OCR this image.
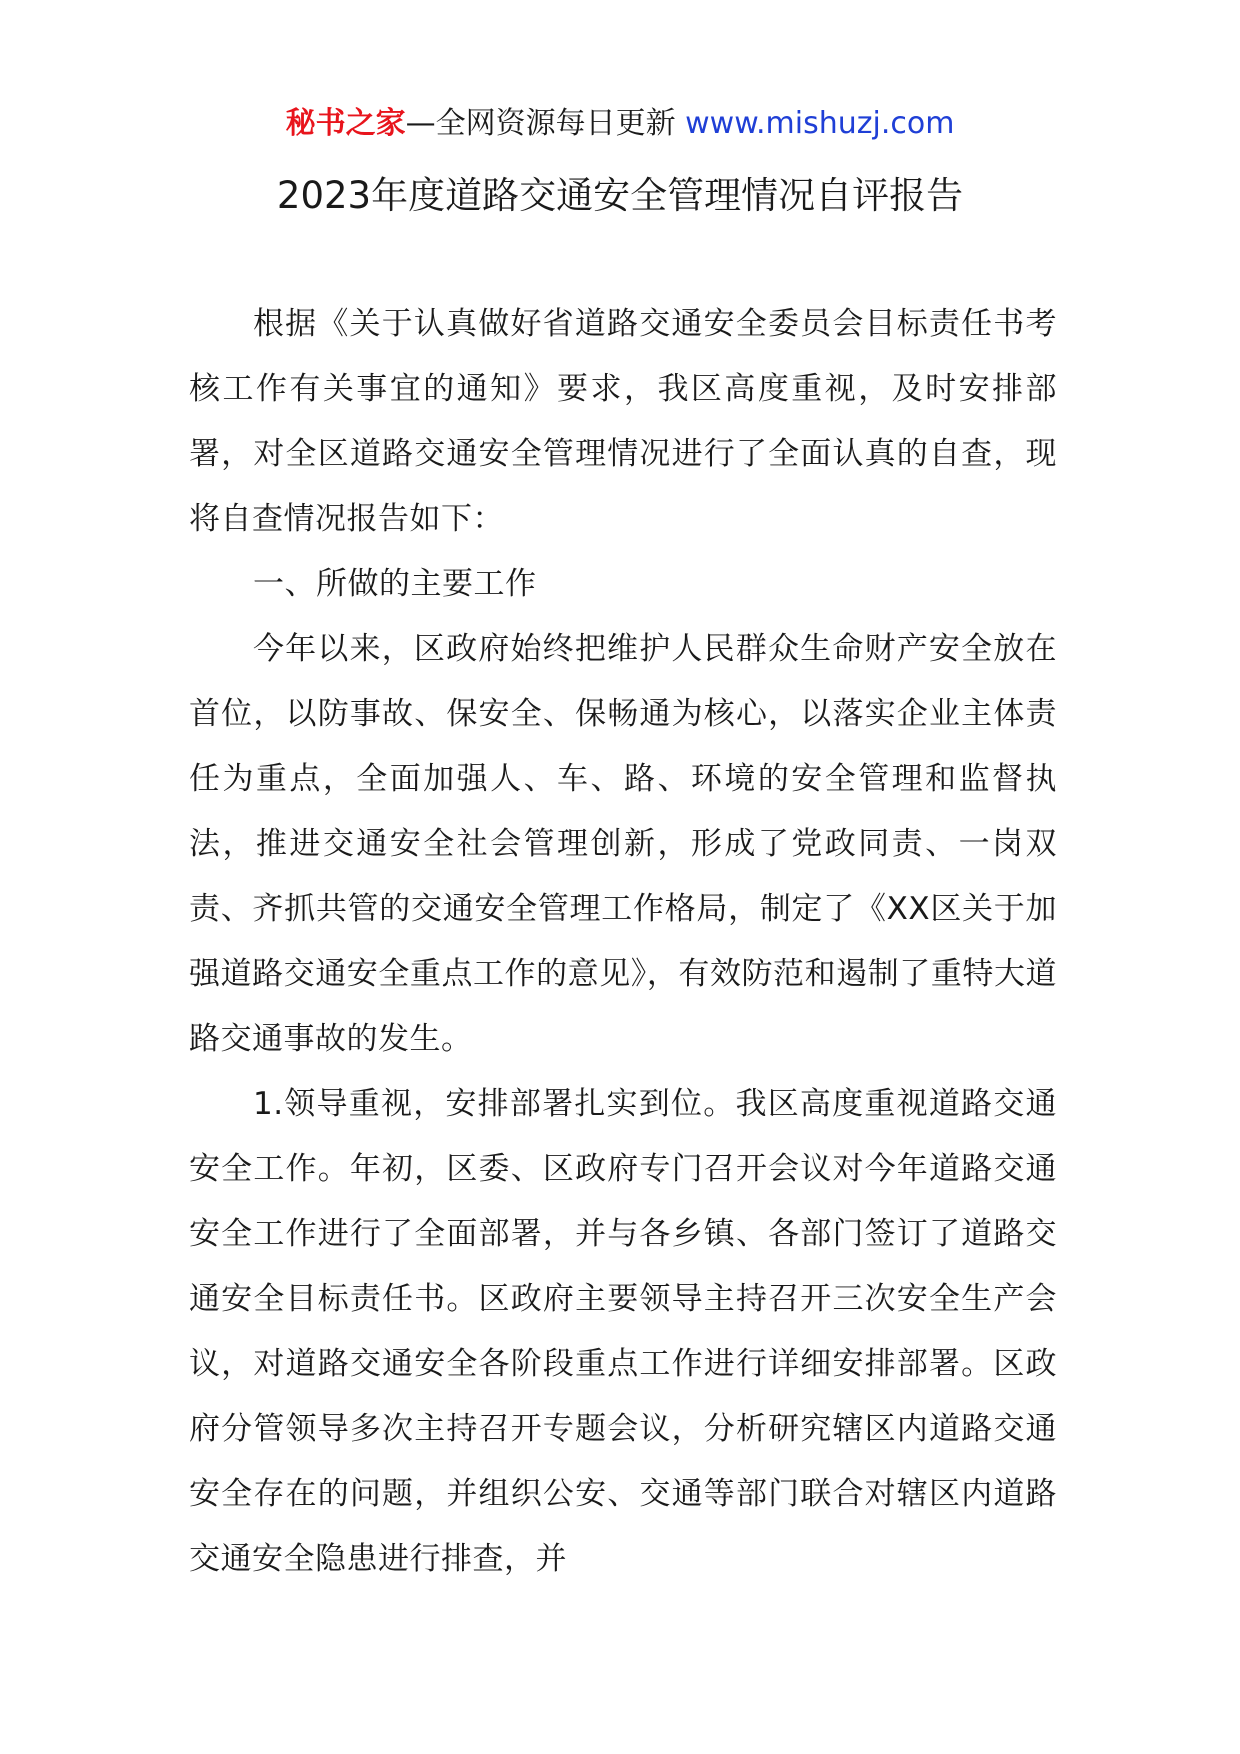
秘书之家—全网资源每日更新 www.mishuzj.com
2023年度道路交通安全管理情况自评报告

根据《关于认真做好省道路交通安全委员会目标责任书考核工作有关事宜的通知》要求，我区高度重视，及时安排部署，对全区道路交通安全管理情况进行了全面认真的自查，现将自查情况报告如下：

一、所做的主要工作

今年以来，区政府始终把维护人民群众生命财产安全放在首位，以防事故、保安全、保畅通为核心，以落实企业主体责任为重点，全面加强人、车、路、环境的安全管理和监督执法，推进交通安全社会管理创新，形成了党政同责、一岗双责、齐抓共管的交通安全管理工作格局，制定了《XX区关于加强道路交通安全重点工作的意见》，有效防范和遏制了重特大道路交通事故的发生。

1.领导重视，安排部署扎实到位。我区高度重视道路交通安全工作。年初，区委、区政府专门召开会议对今年道路交通安全工作进行了全面部署，并与各乡镇、各部门签订了道路交通安全目标责任书。区政府主要领导主持召开三次安全生产会议，对道路交通安全各阶段重点工作进行详细安排部署。区政府分管领导多次主持召开专题会议，分析研究辖区内道路交通安全存在的问题，并组织公安、交通等部门联合对辖区内道路交通安全隐患进行排查，并
